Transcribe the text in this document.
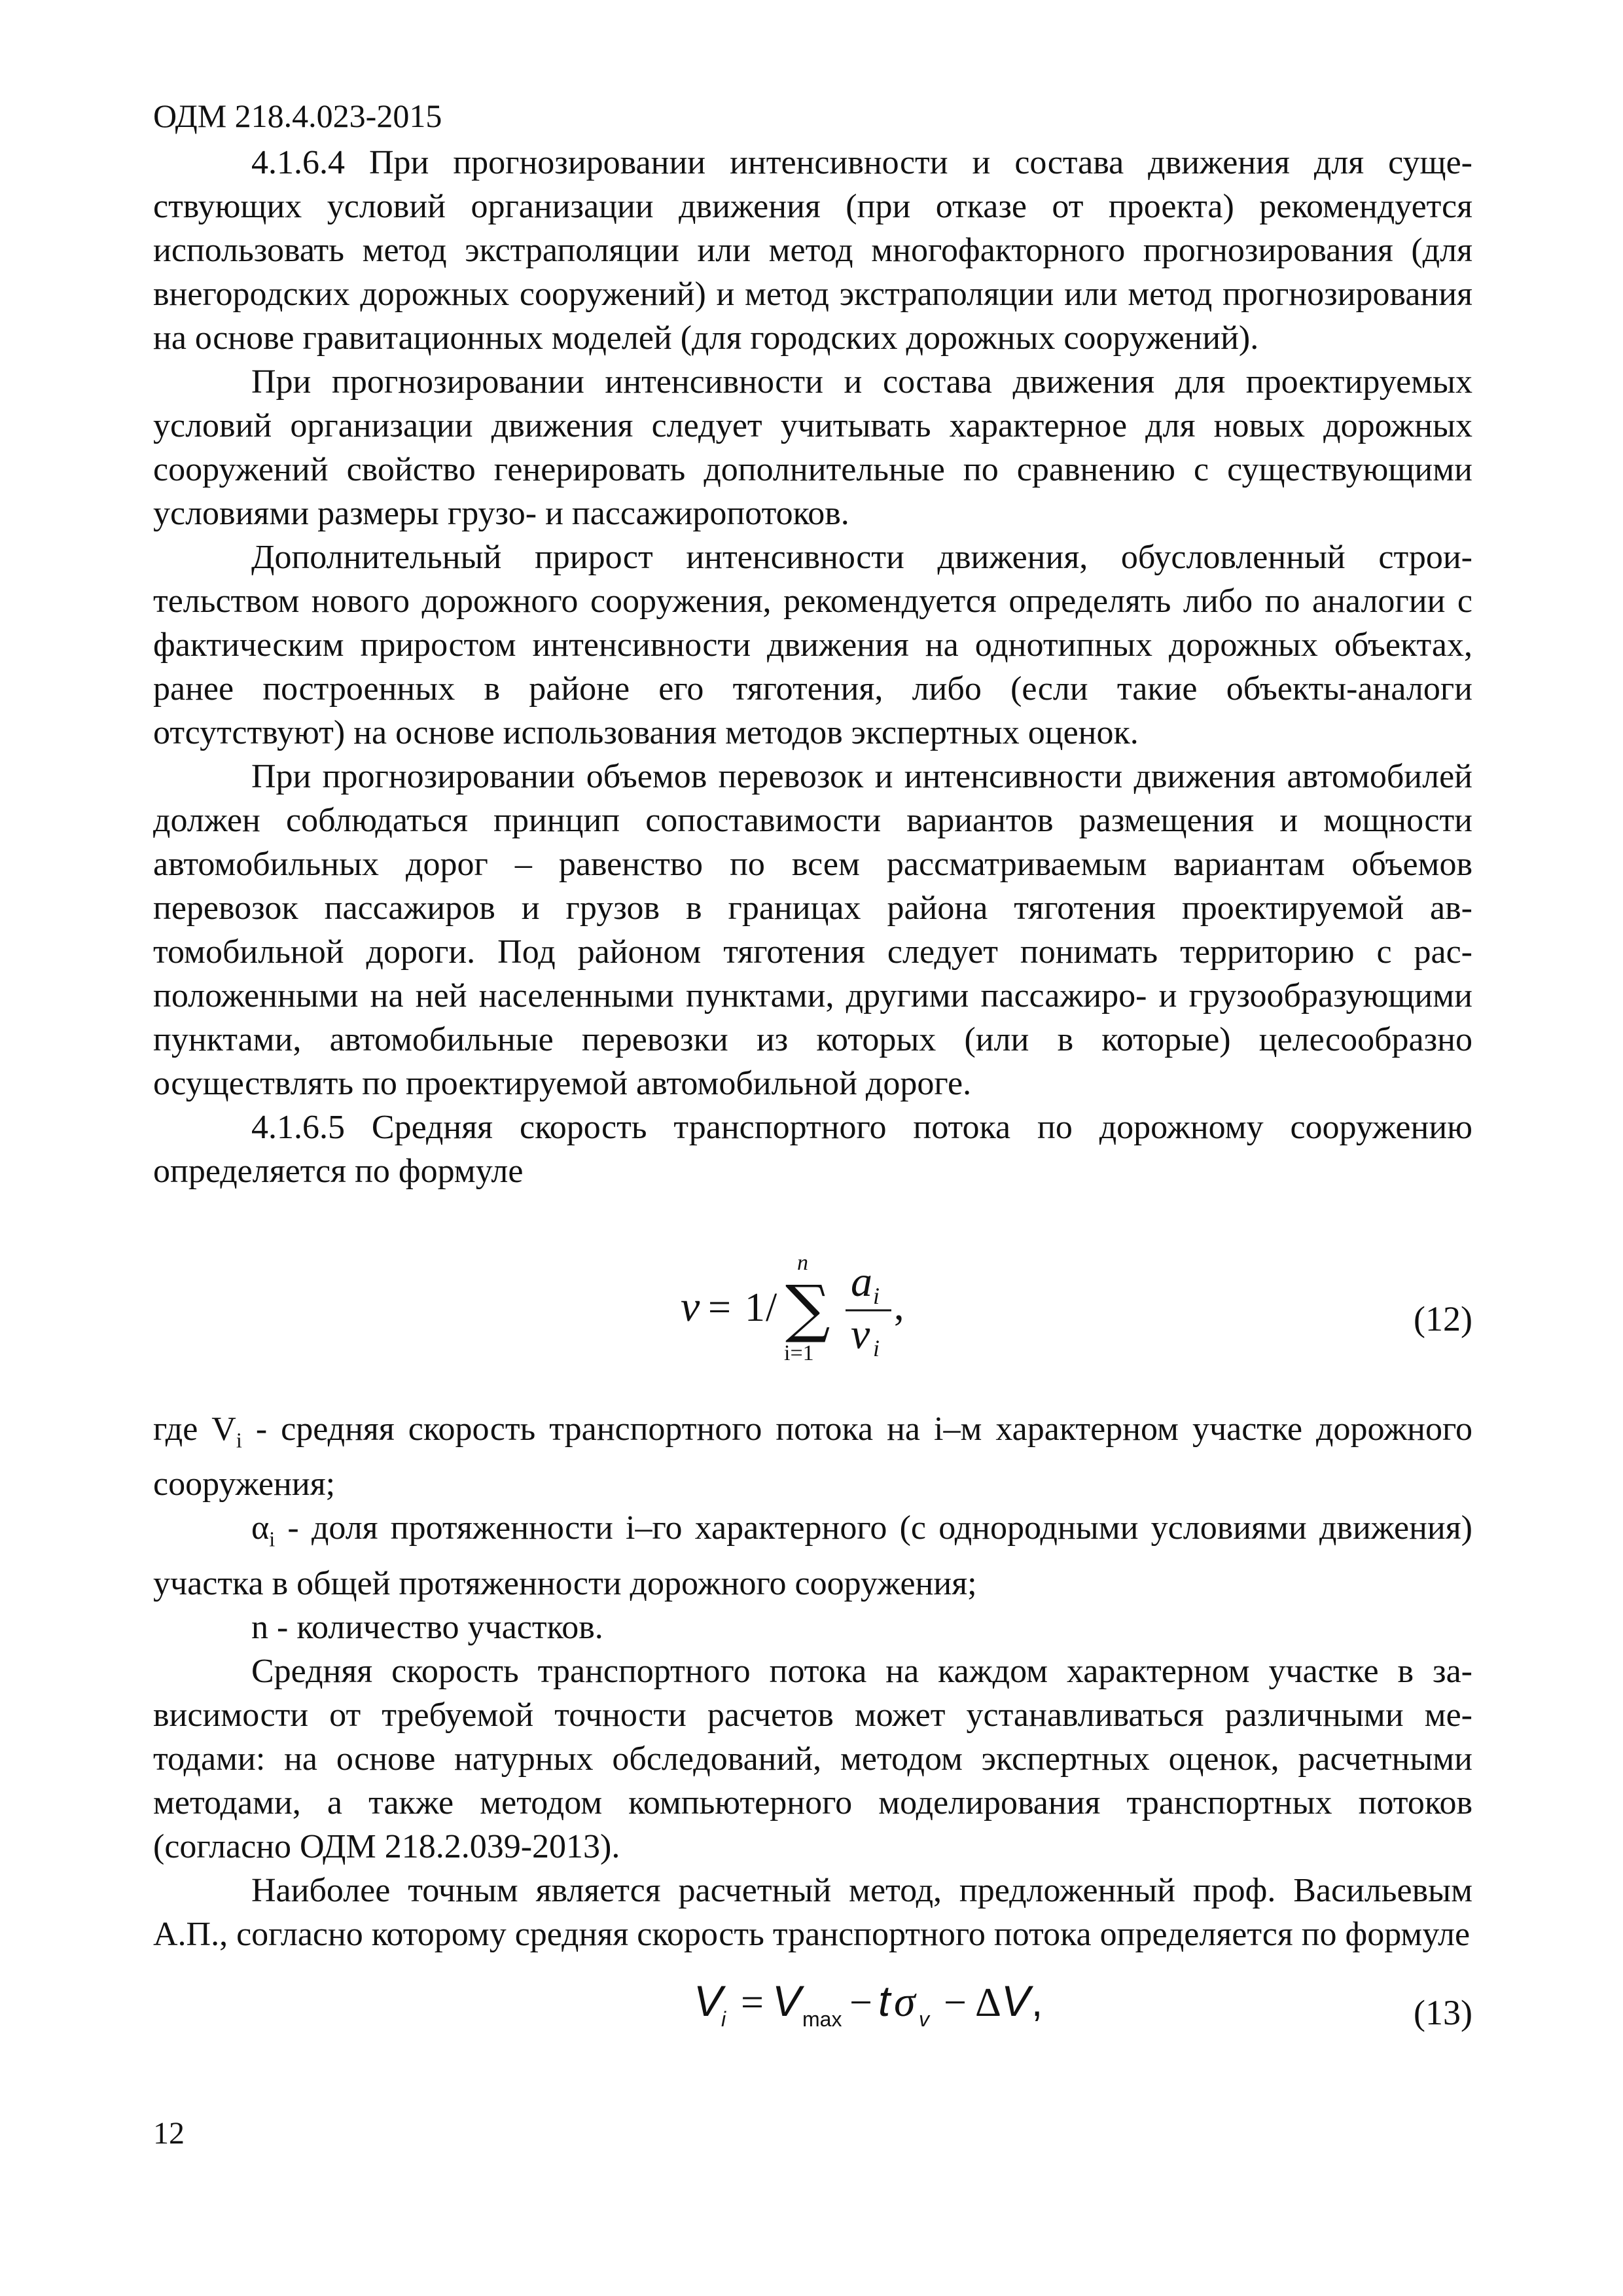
ОДМ 218.4.023-2015

4.1.6.4 При прогнозировании интенсивности и состава движения для существующих условий организации движения (при отказе от проекта) рекомендуется использовать метод экстраполяции или метод многофакторного прогнозирования (для внегородских дорожных сооружений) и метод экстраполяции или метод прогнозирования на основе гравитационных моделей (для городских дорожных сооружений).

При прогнозировании интенсивности и состава движения для проектируемых условий организации движения следует учитывать характерное для новых дорожных сооружений свойство генерировать дополнительные по сравнению с существующими условиями размеры грузо- и пассажиропотоков.

Дополнительный прирост интенсивности движения, обусловленный строительством нового дорожного сооружения, рекомендуется определять либо по аналогии с фактическим приростом интенсивности движения на однотипных дорожных объектах, ранее построенных в районе его тяготения, либо (если такие объекты-аналоги отсутствуют) на основе использования методов экспертных оценок.

При прогнозировании объемов перевозок и интенсивности движения автомобилей должен соблюдаться принцип сопоставимости вариантов размещения и мощности автомобильных дорог – равенство по всем рассматриваемым вариантам объемов перевозок пассажиров и грузов в границах района тяготения проектируемой автомобильной дороги. Под районом тяготения следует понимать территорию с расположенными на ней населенными пунктами, другими пассажиро- и грузообразующими пунктами, автомобильные перевозки из которых (или в которые) целесообразно осуществлять по проектируемой автомобильной дороге.

4.1.6.5 Средняя скорость транспортного потока по дорожному сооружению определяется по формуле

v = 1 /
n
∑
i=1
a i
v i
,	(12)

где $V_i$ - средняя скорость транспортного потока на i–м характерном участке дорожного сооружения;

$\alpha_i$ - доля протяженности i–го характерного (с однородными условиями движения) участка в общей протяженности дорожного сооружения;

n - количество участков.

Средняя скорость транспортного потока на каждом характерном участке в зависимости от требуемой точности расчетов может устанавливаться различными методами: на основе натурных обследований, методом экспертных оценок, расчетными методами, а также методом компьютерного моделирования транспортных потоков (согласно ОДМ 218.2.039-2013).

Наиболее точным является расчетный метод, предложенный проф. Васильевым А.П., согласно которому средняя скорость транспортного потока определяется по формуле

V
i = V max − t σ v − Δ V ,	(13)
12
